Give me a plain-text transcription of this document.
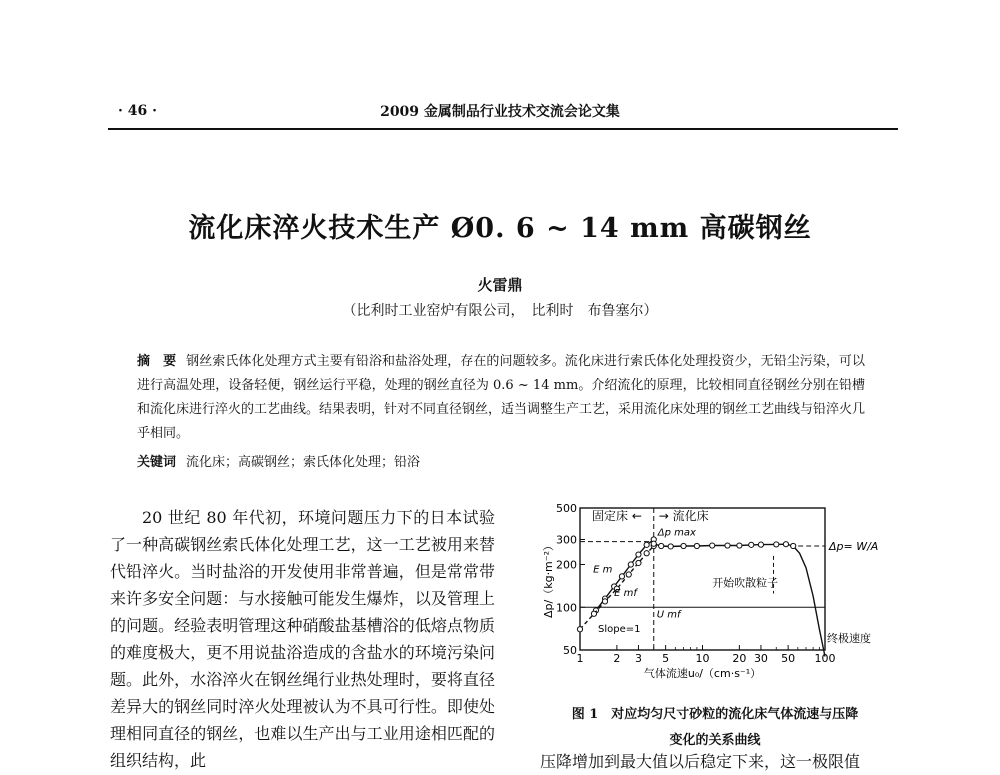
· 46 ·	2009 金属制品行业技术交流会论文集
流化床淬火技术生产 Ø0. 6 ~ 14 mm 高碳钢丝
火雷鼎
（比利时工业窑炉有限公司，　比利时　布鲁塞尔）
摘　要 钢丝索氏体化处理方式主要有铅浴和盐浴处理，存在的问题较多。流化床进行索氏体化处理投资少，无铅尘污染，可以进行高温处理，设备轻便，钢丝运行平稳，处理的钢丝直径为 0.6 ~ 14 mm。介绍流化的原理，比较相同直径钢丝分别在铅槽和流化床进行淬火的工艺曲线。结果表明，针对不同直径钢丝，适当调整生产工艺，采用流化床处理的钢丝工艺曲线与铅淬火几乎相同。
关键词 流化床；高碳钢丝；索氏体化处理；铅浴
20 世纪 80 年代初，环境问题压力下的日本试验了一种高碳钢丝索氏体化处理工艺，这一工艺被用来替代铅淬火。当时盐浴的开发使用非常普遍，但是常常带来许多安全问题：与水接触可能发生爆炸，以及管理上的问题。经验表明管理这种硝酸盐基槽浴的低熔点物质的难度极大，更不用说盐浴造成的含盐水的环境污染问题。此外，水浴淬火在钢丝绳行业热处理时，要将直径差异大的钢丝同时淬火处理被认为不具可行性。即使处理相同直径的钢丝，也难以生产出与工业用途相匹配的组织结构，此
1	2 3 5 10 20 30 50 100
50
100
200
300
500
固定床 ← → 流化床
Δp max
Δp= W/A
开始吹散粒子
终极速度
Slope=1
E m
E mf
U mf
气体流速u₀/（cm·s⁻¹）
Δp/（kg·m⁻²）
图 1　对应均匀尺寸砂粒的流化床气体流速与压降
变化的关系曲线
压降增加到最大值以后稳定下来，这一极限值
